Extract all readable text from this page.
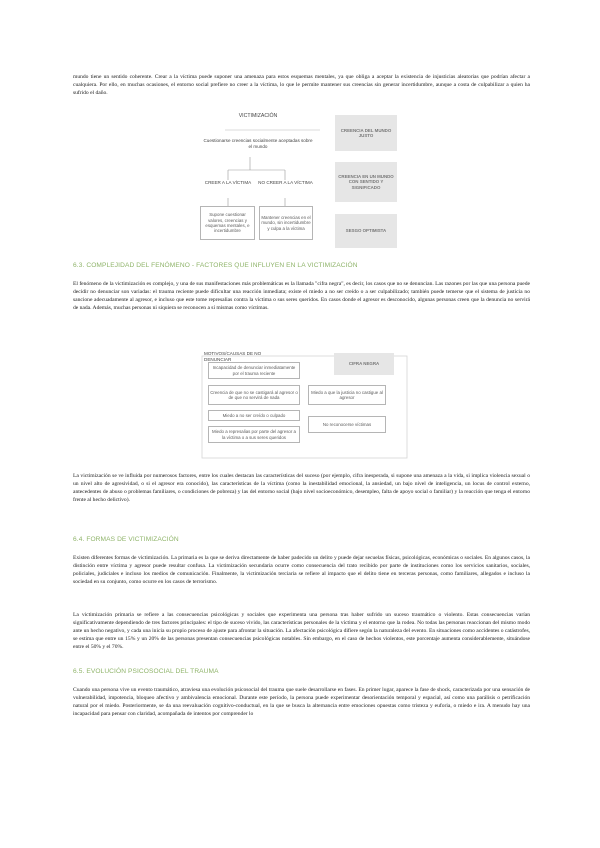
mundo tiene un sentido coherente. Crear a la víctima puede suponer una amenaza para estos esquemas mentales, ya que obliga a aceptar la existencia de injusticias aleatorias que podrían afectar a cualquiera. Por ello, en muchas ocasiones, el entorno social prefiere no creer a la víctima, lo que le permite mantener sus creencias sin generar incertidumbre, aunque a costa de culpabilizar a quien ha sufrido el daño.

VICTIMIZACIÓN
Cuestionarse creencias socialmente aceptadas sobre el mundo
CREER A LA VÍCTIMA	NO CREER A LA VÍCTIMA
Supone cuestionar valores, creencias y esquemas mentales, e incertidumbre
Mantener creencias en el mundo, sin incertidumbre y culpa a la víctima
CREENCIA DEL MUNDO JUSTO
CREENCIA EN UN MUNDO CON SENTIDO Y SIGNIFICADO
SESGO OPTIMISTA
6.3. COMPLEJIDAD DEL FENÓMENO - FACTORES QUE INFLUYEN EN LA VICTIMIZACIÓN

El fenómeno de la victimización es complejo, y una de sus manifestaciones más problemáticas es la llamada "cifra negra", es decir, los casos que no se denuncian. Las razones por las que una persona puede decidir no denunciar son variadas: el trauma reciente puede dificultar una reacción inmediata; existe el miedo a no ser creído o a ser culpabilizado; también puede temerse que el sistema de justicia no sancione adecuadamente al agresor, e incluso que este tome represalias contra la víctima o sus seres queridos. En casos donde el agresor es desconocido, algunas personas creen que la denuncia no servirá de nada. Además, muchas personas ni siquiera se reconocen a sí mismas como víctimas.

MOTIVOS/CAUSAS DE NO DENUNCIAR
Incapacidad de denunciar inmediatamente por el trauma reciente
Creencia de que no se castigará al agresor o de que no servirá de nada
Miedo a no ser creído o culpado
Miedo a represalias por parte del agresor a la víctima o a sus seres queridos
Miedo a que la justicia no castigue al agresor
No reconocerse víctimas
CIFRA NEGRA

La victimización se ve influida por numerosos factores, entre los cuales destacan las características del suceso (por ejemplo, cifra inesperada, si supone una amenaza a la vida, si implica violencia sexual o un nivel alto de agresividad, o si el agresor era conocido), las características de la víctima (como la inestabilidad emocional, la ansiedad, un bajo nivel de inteligencia, un locus de control externo, antecedentes de abuso o problemas familiares, o condiciones de pobreza) y las del entorno social (bajo nivel socioeconómico, desempleo, falta de apoyo social o familiar) y la reacción que tenga el entorno frente al hecho delictivo).

6.4. FORMAS DE VICTIMIZACIÓN

Existen diferentes formas de victimización. La primaria es la que se deriva directamente de haber padecido un delito y puede dejar secuelas físicas, psicológicas, económicas o sociales. En algunos casos, la distinción entre víctima y agresor puede resultar confusa. La victimización secundaria ocurre como consecuencia del trato recibido por parte de instituciones como los servicios sanitarios, sociales, policiales, judiciales e incluso los medios de comunicación. Finalmente, la victimización terciaria se refiere al impacto que el delito tiene en terceras personas, como familiares, allegados e incluso la sociedad en su conjunto, como ocurre en los casos de terrorismo.

La victimización primaria se refiere a las consecuencias psicológicas y sociales que experimenta una persona tras haber sufrido un suceso traumático o violento. Estas consecuencias varían significativamente dependiendo de tres factores principales: el tipo de suceso vivido, las características personales de la víctima y el entorno que la rodea. No todas las personas reaccionan del mismo modo ante un hecho negativo, y cada una inicia su propio proceso de ajuste para afrontar la situación. La afectación psicológica difiere según la naturaleza del evento. En situaciones como accidentes o catástrofes, se estima que entre un 15% y un 20% de las personas presentan consecuencias psicológicas notables. Sin embargo, en el caso de hechos violentos, este porcentaje aumenta considerablemente, situándose entre el 50% y el 70%.

6.5. EVOLUCIÓN PSICOSOCIAL DEL TRAUMA

Cuando una persona vive un evento traumático, atraviesa una evolución psicosocial del trauma que suele desarrollarse en fases. En primer lugar, aparece la fase de shock, caracterizada por una sensación de vulnerabilidad, impotencia, bloqueo afectivo y ambivalencia emocional. Durante este período, la persona puede experimentar desorientación temporal y espacial, así como una parálisis o petrificación natural por el miedo. Posteriormente, se da una reevaluación cognitivo-conductual, en la que se busca la alternancia entre emociones opuestas como tristeza y euforia, o miedo e ira. A menudo hay una incapacidad para pensar con claridad, acompañada de intentos por comprender lo
